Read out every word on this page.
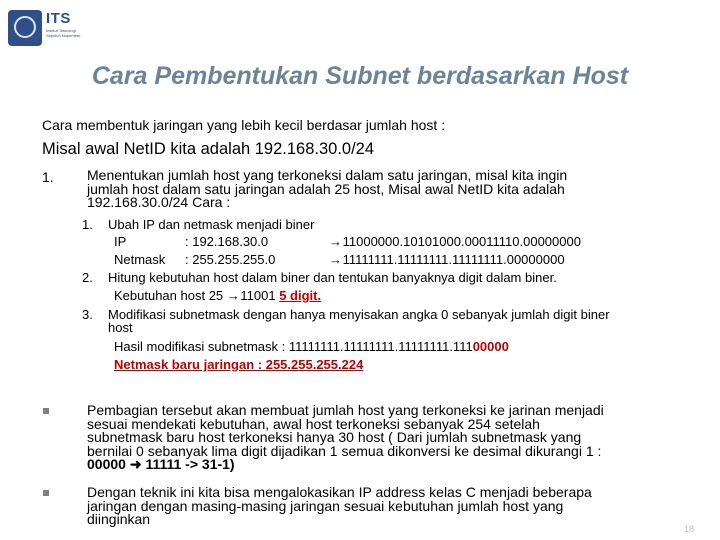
ITS
Institut Teknologi Sepuluh Nopember
Cara Pembentukan Subnet berdasarkan Host
Cara membentuk jaringan yang lebih kecil berdasar jumlah host :
Misal awal NetID kita adalah 192.168.30.0/24
1. Menentukan jumlah host yang terkoneksi dalam satu jaringan, misal kita ingin
jumlah host dalam satu jaringan adalah 25 host, Misal awal NetID kita adalah
192.168.30.0/24 Cara :
1. Ubah IP dan netmask menjadi biner
IP	: 192.168.30.0	→ 11000000.10101000.00011110.00000000
Netmask : 255.255.255.0	→ 11111111.11111111.11111111.00000000
2. Hitung kebutuhan host dalam biner dan tentukan banyaknya digit dalam biner.
Kebutuhan host 25 → 11001 5 digit.
3. Modifikasi subnetmask dengan hanya menyisakan angka 0 sebanyak jumlah digit biner
host
Hasil modifikasi subnetmask : 11111111.11111111.11111111.11100000
Netmask baru jaringan : 255.255.255.224
Pembagian tersebut akan membuat jumlah host yang terkoneksi ke jarinan menjadi
sesuai mendekati kebutuhan, awal host terkoneksi sebanyak 254 setelah
subnetmask baru host terkoneksi hanya 30 host ( Dari jumlah subnetmask yang
bernilai 0 sebanyak lima digit dijadikan 1 semua dikonversi ke desimal dikurangi 1 :
00000 ➜ 11111 -> 31-1)
Dengan teknik ini kita bisa mengalokasikan IP address kelas C menjadi beberapa
jaringan dengan masing-masing jaringan sesuai kebutuhan jumlah host yang
diinginkan
18
